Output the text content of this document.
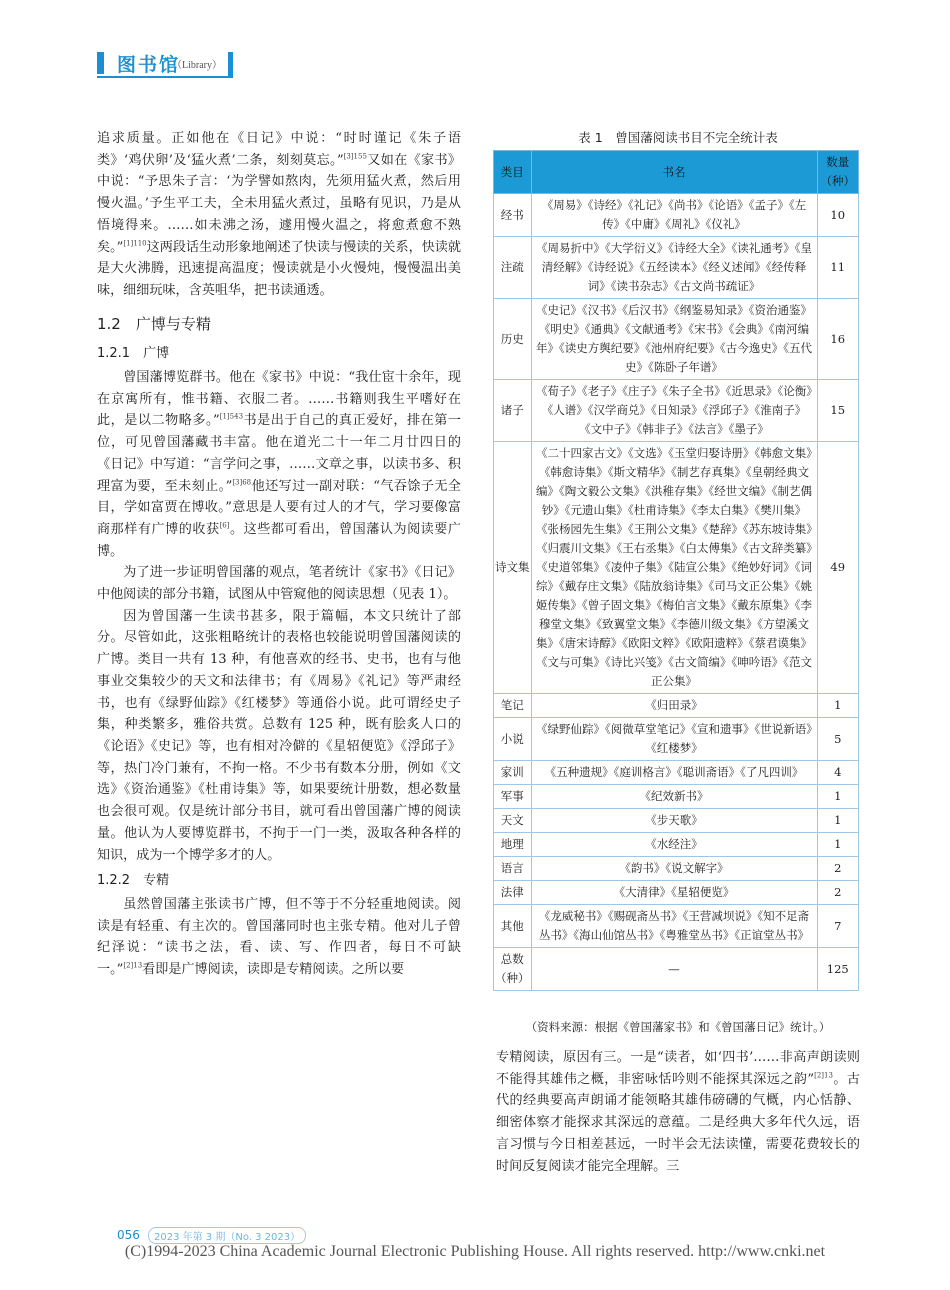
图书馆
（Library）

追求质量。正如他在《日记》中说：“时时谨记《朱子语类》‘鸡伏卵’及‘猛火煮’二条，刻刻莫忘。”$^{[3]155}$又如在《家书》中说：“予思朱子言：‘为学譬如熬肉，先须用猛火煮，然后用慢火温。’予生平工夫，全未用猛火煮过，虽略有见识，乃是从悟境得来。……如未沸之汤，遽用慢火温之，将愈煮愈不熟矣。”$^{[1]110}$这两段话生动形象地阐述了快读与慢读的关系，快读就是大火沸腾，迅速提高温度；慢读就是小火慢炖，慢慢温出美味，细细玩味，含英咀华，把书读通透。

1.2　广博与专精
1.2.1　广博

曾国藩博览群书。他在《家书》中说：“我仕宦十余年，现在京寓所有，惟书籍、衣服二者。……书籍则我生平嗜好在此，是以二物略多。”$^{[1]543}$书是出于自己的真正爱好，排在第一位，可见曾国藩藏书丰富。他在道光二十一年二月廿四日的《日记》中写道：“言学问之事，……文章之事，以读书多、积理富为要，至未刻止。”$^{[3]68}$他还写过一副对联：“气吞馀子无全目，学如富贾在博收。”意思是人要有过人的才气，学习要像富商那样有广博的收获[6]。这些都可看出，曾国藩认为阅读要广博。

为了进一步证明曾国藩的观点，笔者统计《家书》《日记》中他阅读的部分书籍，试图从中管窥他的阅读思想（见表 1）。

因为曾国藩一生读书甚多，限于篇幅，本文只统计了部分。尽管如此，这张粗略统计的表格也较能说明曾国藩阅读的广博。类目一共有 13 种，有他喜欢的经书、史书，也有与他事业交集较少的天文和法律书；有《周易》《礼记》等严肃经书，也有《绿野仙踪》《红楼梦》等通俗小说。此可谓经史子集，种类繁多，雅俗共赏。总数有 125 种，既有脍炙人口的《论语》《史记》等，也有相对冷僻的《星轺便览》《浮邱子》等，热门冷门兼有，不拘一格。不少书有数本分册，例如《文选》《资治通鉴》《杜甫诗集》等，如果要统计册数，想必数量也会很可观。仅是统计部分书目，就可看出曾国藩广博的阅读量。他认为人要博览群书，不拘于一门一类，汲取各种各样的知识，成为一个博学多才的人。

1.2.2　专精

虽然曾国藩主张读书广博，但不等于不分轻重地阅读。阅读是有轻重、有主次的。曾国藩同时也主张专精。他对儿子曾纪泽说：“读书之法，看、读、写、作四者，每日不可缺一。”$^{[2]13}$看即是广博阅读，读即是专精阅读。之所以要

表 1　曾国藩阅读书目不完全统计表
类目	书名	数量（种）
经书	《周易》《诗经》《礼记》《尚书》《论语》《孟子》《左传》《中庸》《周礼》《仪礼》	10
注疏	《周易折中》《大学衍义》《诗经大全》《读礼通考》《皇清经解》《诗经说》《五经读本》《经义述闻》《经传释词》《读书杂志》《古文尚书疏证》	11
历史	《史记》《汉书》《后汉书》《纲鉴易知录》《资治通鉴》《明史》《通典》《文献通考》《宋书》《会典》《南河编年》《读史方舆纪要》《池州府纪要》《古今逸史》《五代史》《陈卧子年谱》	16
诸子	《荀子》《老子》《庄子》《朱子全书》《近思录》《论衡》《人谱》《汉学商兑》《日知录》《浮邱子》《淮南子》《文中子》《韩非子》《法言》《墨子》	15
诗文集	《二十四家古文》《文选》《玉堂归娶诗册》《韩愈文集》《韩愈诗集》《斯文精华》《制艺存真集》《皇朝经典文编》《陶文毅公文集》《洪稚存集》《经世文编》《制艺偶钞》《元遗山集》《杜甫诗集》《李太白集》《樊川集》《张杨园先生集》《王荆公文集》《楚辞》《苏东坡诗集》《归震川文集》《王右丞集》《白太傅集》《古文辞类纂》《史道邻集》《凌仲子集》《陆宣公集》《绝妙好词》《词综》《戴存庄文集》《陆放翁诗集》《司马文正公集》《姚姬传集》《曾子固文集》《梅伯言文集》《戴东原集》《李穆堂文集》《致翼堂文集》《李德川级文集》《方望溪文集》《唐宋诗醇》《欧阳文粹》《欧阳遗粹》《蔡君谟集》《文与可集》《诗比兴笺》《古文简编》《呻吟语》《范文正公集》	49
笔记	《归田录》	1
小说	《绿野仙踪》《阅微草堂笔记》《宣和遗事》《世说新语》《红楼梦》	5
家训	《五种遗规》《庭训格言》《聪训斋语》《了凡四训》	4
军事	《纪效新书》	1
天文	《步天歌》	1
地理	《水经注》	1
语言	《韵书》《说文解字》	2
法律	《大清律》《星轺便览》	2
其他	《龙威秘书》《赐砚斋丛书》《王营减坝说》《知不足斋丛书》《海山仙馆丛书》《粤雅堂丛书》《正谊堂丛书》	7
总数（种）	—	125
（资料来源：根据《曾国藩家书》和《曾国藩日记》统计。）

专精阅读，原因有三。一是“读者，如‘四书’……非高声朗读则不能得其雄伟之概，非密咏恬吟则不能探其深远之韵”$^{[2]13}$。古代的经典要高声朗诵才能领略其雄伟磅礴的气概，内心恬静、细密体察才能探求其深远的意蕴。二是经典大多年代久远，语言习惯与今日相差甚远，一时半会无法读懂，需要花费较长的时间反复阅读才能完全理解。三

056	2023 年第 3 期（No. 3 2023）
(C)1994-2023 China Academic Journal Electronic Publishing House. All rights reserved. http://www.cnki.net
